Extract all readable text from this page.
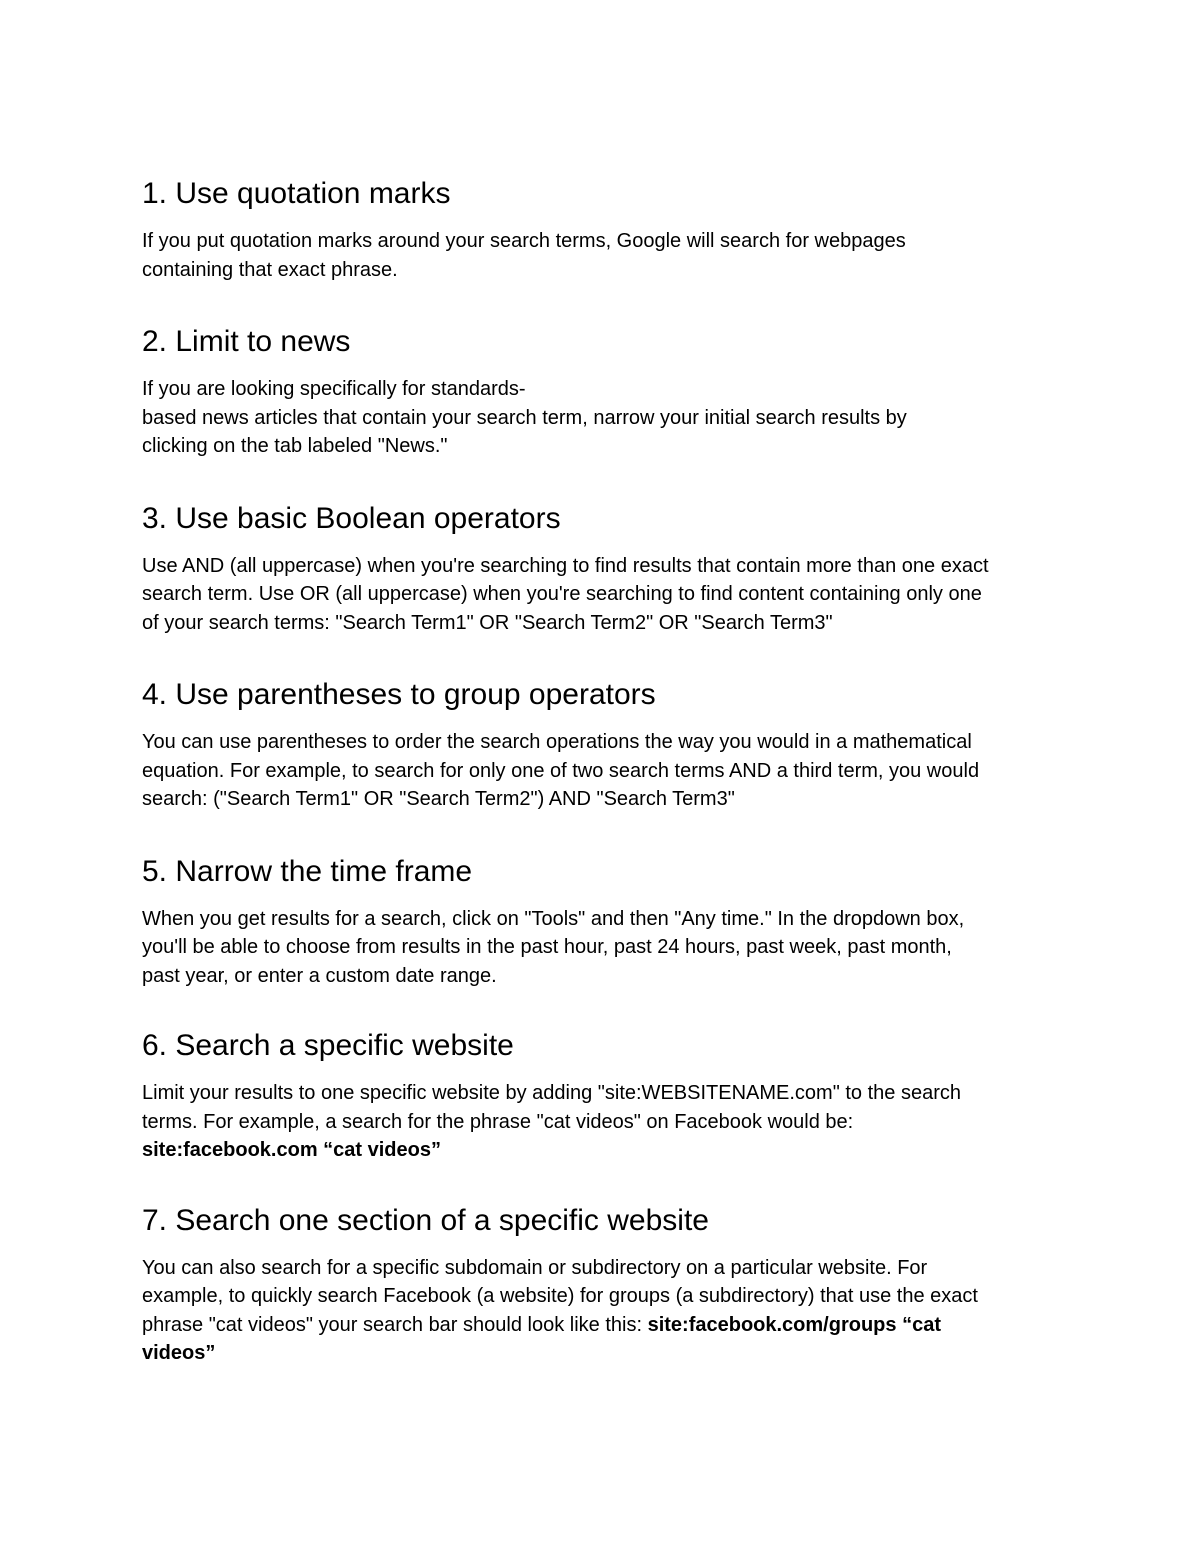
1. Use quotation marks

If you put quotation marks around your search terms, Google will search for webpages
containing that exact phrase.

2. Limit to news

If you are looking specifically for standards-
based news articles that contain your search term, narrow your initial search results by
clicking on the tab labeled "News."

3. Use basic Boolean operators

Use AND (all uppercase) when you're searching to find results that contain more than one exact
search term. Use OR (all uppercase) when you're searching to find content containing only one
of your search terms: "Search Term1" OR "Search Term2" OR "Search Term3"

4. Use parentheses to group operators

You can use parentheses to order the search operations the way you would in a mathematical
equation. For example, to search for only one of two search terms AND a third term, you would
search: ("Search Term1" OR "Search Term2") AND "Search Term3"

5. Narrow the time frame

When you get results for a search, click on "Tools" and then "Any time." In the dropdown box,
you'll be able to choose from results in the past hour, past 24 hours, past week, past month,
past year, or enter a custom date range.

6. Search a specific website

Limit your results to one specific website by adding "site:WEBSITENAME.com" to the search
terms. For example, a search for the phrase "cat videos" on Facebook would be:
site:facebook.com “cat videos”

7. Search one section of a specific website

You can also search for a specific subdomain or subdirectory on a particular website. For
example, to quickly search Facebook (a website) for groups (a subdirectory) that use the exact
phrase "cat videos" your search bar should look like this: site:facebook.com/groups “cat
videos”
